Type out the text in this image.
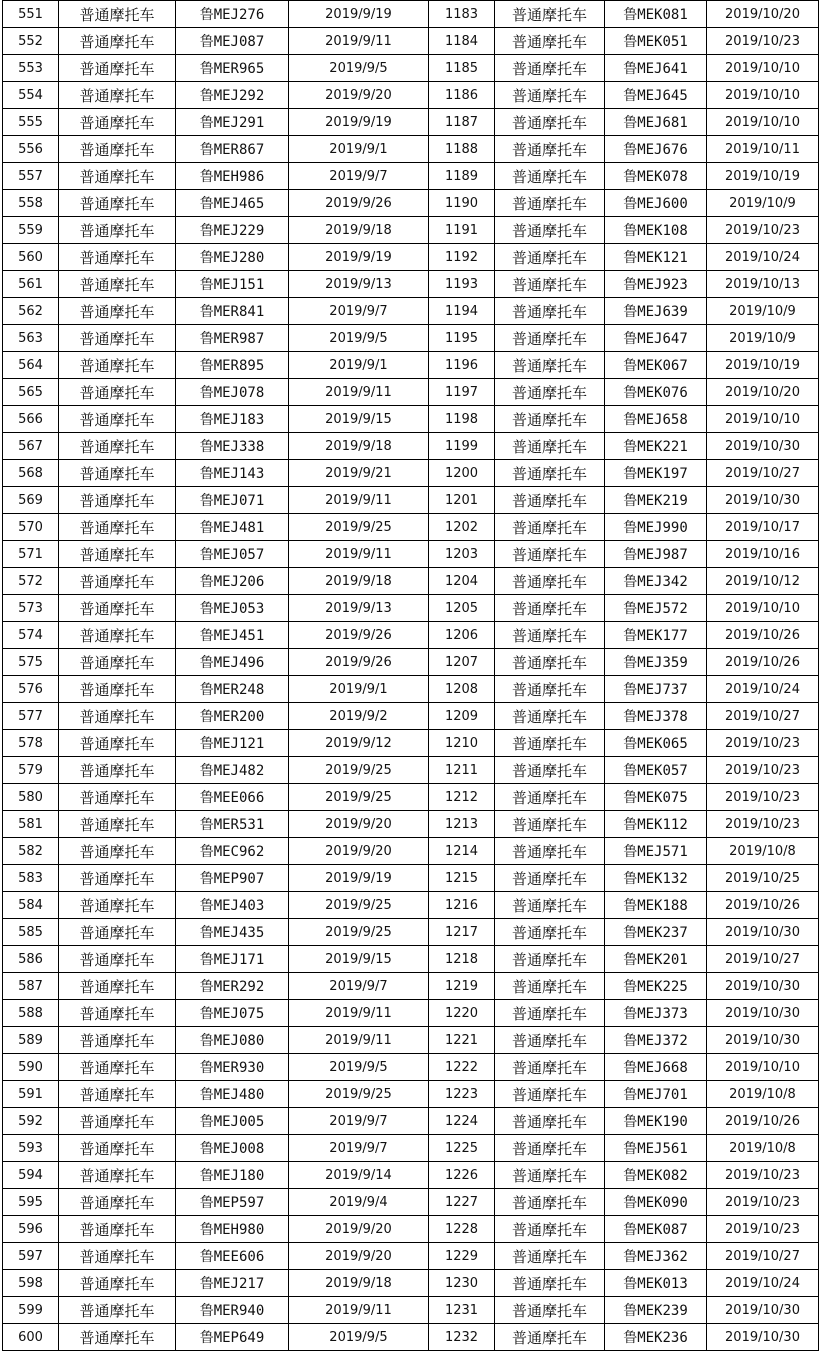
551	普通摩托车	鲁MEJ276	2019/9/19	1183	普通摩托车	鲁MEK081	2019/10/20
552	普通摩托车	鲁MEJ087	2019/9/11	1184	普通摩托车	鲁MEK051	2019/10/23
553	普通摩托车	鲁MER965	2019/9/5	1185	普通摩托车	鲁MEJ641	2019/10/10
554	普通摩托车	鲁MEJ292	2019/9/20	1186	普通摩托车	鲁MEJ645	2019/10/10
555	普通摩托车	鲁MEJ291	2019/9/19	1187	普通摩托车	鲁MEJ681	2019/10/10
556	普通摩托车	鲁MER867	2019/9/1	1188	普通摩托车	鲁MEJ676	2019/10/11
557	普通摩托车	鲁MEH986	2019/9/7	1189	普通摩托车	鲁MEK078	2019/10/19
558	普通摩托车	鲁MEJ465	2019/9/26	1190	普通摩托车	鲁MEJ600	2019/10/9
559	普通摩托车	鲁MEJ229	2019/9/18	1191	普通摩托车	鲁MEK108	2019/10/23
560	普通摩托车	鲁MEJ280	2019/9/19	1192	普通摩托车	鲁MEK121	2019/10/24
561	普通摩托车	鲁MEJ151	2019/9/13	1193	普通摩托车	鲁MEJ923	2019/10/13
562	普通摩托车	鲁MER841	2019/9/7	1194	普通摩托车	鲁MEJ639	2019/10/9
563	普通摩托车	鲁MER987	2019/9/5	1195	普通摩托车	鲁MEJ647	2019/10/9
564	普通摩托车	鲁MER895	2019/9/1	1196	普通摩托车	鲁MEK067	2019/10/19
565	普通摩托车	鲁MEJ078	2019/9/11	1197	普通摩托车	鲁MEK076	2019/10/20
566	普通摩托车	鲁MEJ183	2019/9/15	1198	普通摩托车	鲁MEJ658	2019/10/10
567	普通摩托车	鲁MEJ338	2019/9/18	1199	普通摩托车	鲁MEK221	2019/10/30
568	普通摩托车	鲁MEJ143	2019/9/21	1200	普通摩托车	鲁MEK197	2019/10/27
569	普通摩托车	鲁MEJ071	2019/9/11	1201	普通摩托车	鲁MEK219	2019/10/30
570	普通摩托车	鲁MEJ481	2019/9/25	1202	普通摩托车	鲁MEJ990	2019/10/17
571	普通摩托车	鲁MEJ057	2019/9/11	1203	普通摩托车	鲁MEJ987	2019/10/16
572	普通摩托车	鲁MEJ206	2019/9/18	1204	普通摩托车	鲁MEJ342	2019/10/12
573	普通摩托车	鲁MEJ053	2019/9/13	1205	普通摩托车	鲁MEJ572	2019/10/10
574	普通摩托车	鲁MEJ451	2019/9/26	1206	普通摩托车	鲁MEK177	2019/10/26
575	普通摩托车	鲁MEJ496	2019/9/26	1207	普通摩托车	鲁MEJ359	2019/10/26
576	普通摩托车	鲁MER248	2019/9/1	1208	普通摩托车	鲁MEJ737	2019/10/24
577	普通摩托车	鲁MER200	2019/9/2	1209	普通摩托车	鲁MEJ378	2019/10/27
578	普通摩托车	鲁MEJ121	2019/9/12	1210	普通摩托车	鲁MEK065	2019/10/23
579	普通摩托车	鲁MEJ482	2019/9/25	1211	普通摩托车	鲁MEK057	2019/10/23
580	普通摩托车	鲁MEE066	2019/9/25	1212	普通摩托车	鲁MEK075	2019/10/23
581	普通摩托车	鲁MER531	2019/9/20	1213	普通摩托车	鲁MEK112	2019/10/23
582	普通摩托车	鲁MEC962	2019/9/20	1214	普通摩托车	鲁MEJ571	2019/10/8
583	普通摩托车	鲁MEP907	2019/9/19	1215	普通摩托车	鲁MEK132	2019/10/25
584	普通摩托车	鲁MEJ403	2019/9/25	1216	普通摩托车	鲁MEK188	2019/10/26
585	普通摩托车	鲁MEJ435	2019/9/25	1217	普通摩托车	鲁MEK237	2019/10/30
586	普通摩托车	鲁MEJ171	2019/9/15	1218	普通摩托车	鲁MEK201	2019/10/27
587	普通摩托车	鲁MER292	2019/9/7	1219	普通摩托车	鲁MEK225	2019/10/30
588	普通摩托车	鲁MEJ075	2019/9/11	1220	普通摩托车	鲁MEJ373	2019/10/30
589	普通摩托车	鲁MEJ080	2019/9/11	1221	普通摩托车	鲁MEJ372	2019/10/30
590	普通摩托车	鲁MER930	2019/9/5	1222	普通摩托车	鲁MEJ668	2019/10/10
591	普通摩托车	鲁MEJ480	2019/9/25	1223	普通摩托车	鲁MEJ701	2019/10/8
592	普通摩托车	鲁MEJ005	2019/9/7	1224	普通摩托车	鲁MEK190	2019/10/26
593	普通摩托车	鲁MEJ008	2019/9/7	1225	普通摩托车	鲁MEJ561	2019/10/8
594	普通摩托车	鲁MEJ180	2019/9/14	1226	普通摩托车	鲁MEK082	2019/10/23
595	普通摩托车	鲁MEP597	2019/9/4	1227	普通摩托车	鲁MEK090	2019/10/23
596	普通摩托车	鲁MEH980	2019/9/20	1228	普通摩托车	鲁MEK087	2019/10/23
597	普通摩托车	鲁MEE606	2019/9/20	1229	普通摩托车	鲁MEJ362	2019/10/27
598	普通摩托车	鲁MEJ217	2019/9/18	1230	普通摩托车	鲁MEK013	2019/10/24
599	普通摩托车	鲁MER940	2019/9/11	1231	普通摩托车	鲁MEK239	2019/10/30
600	普通摩托车	鲁MEP649	2019/9/5	1232	普通摩托车	鲁MEK236	2019/10/30
